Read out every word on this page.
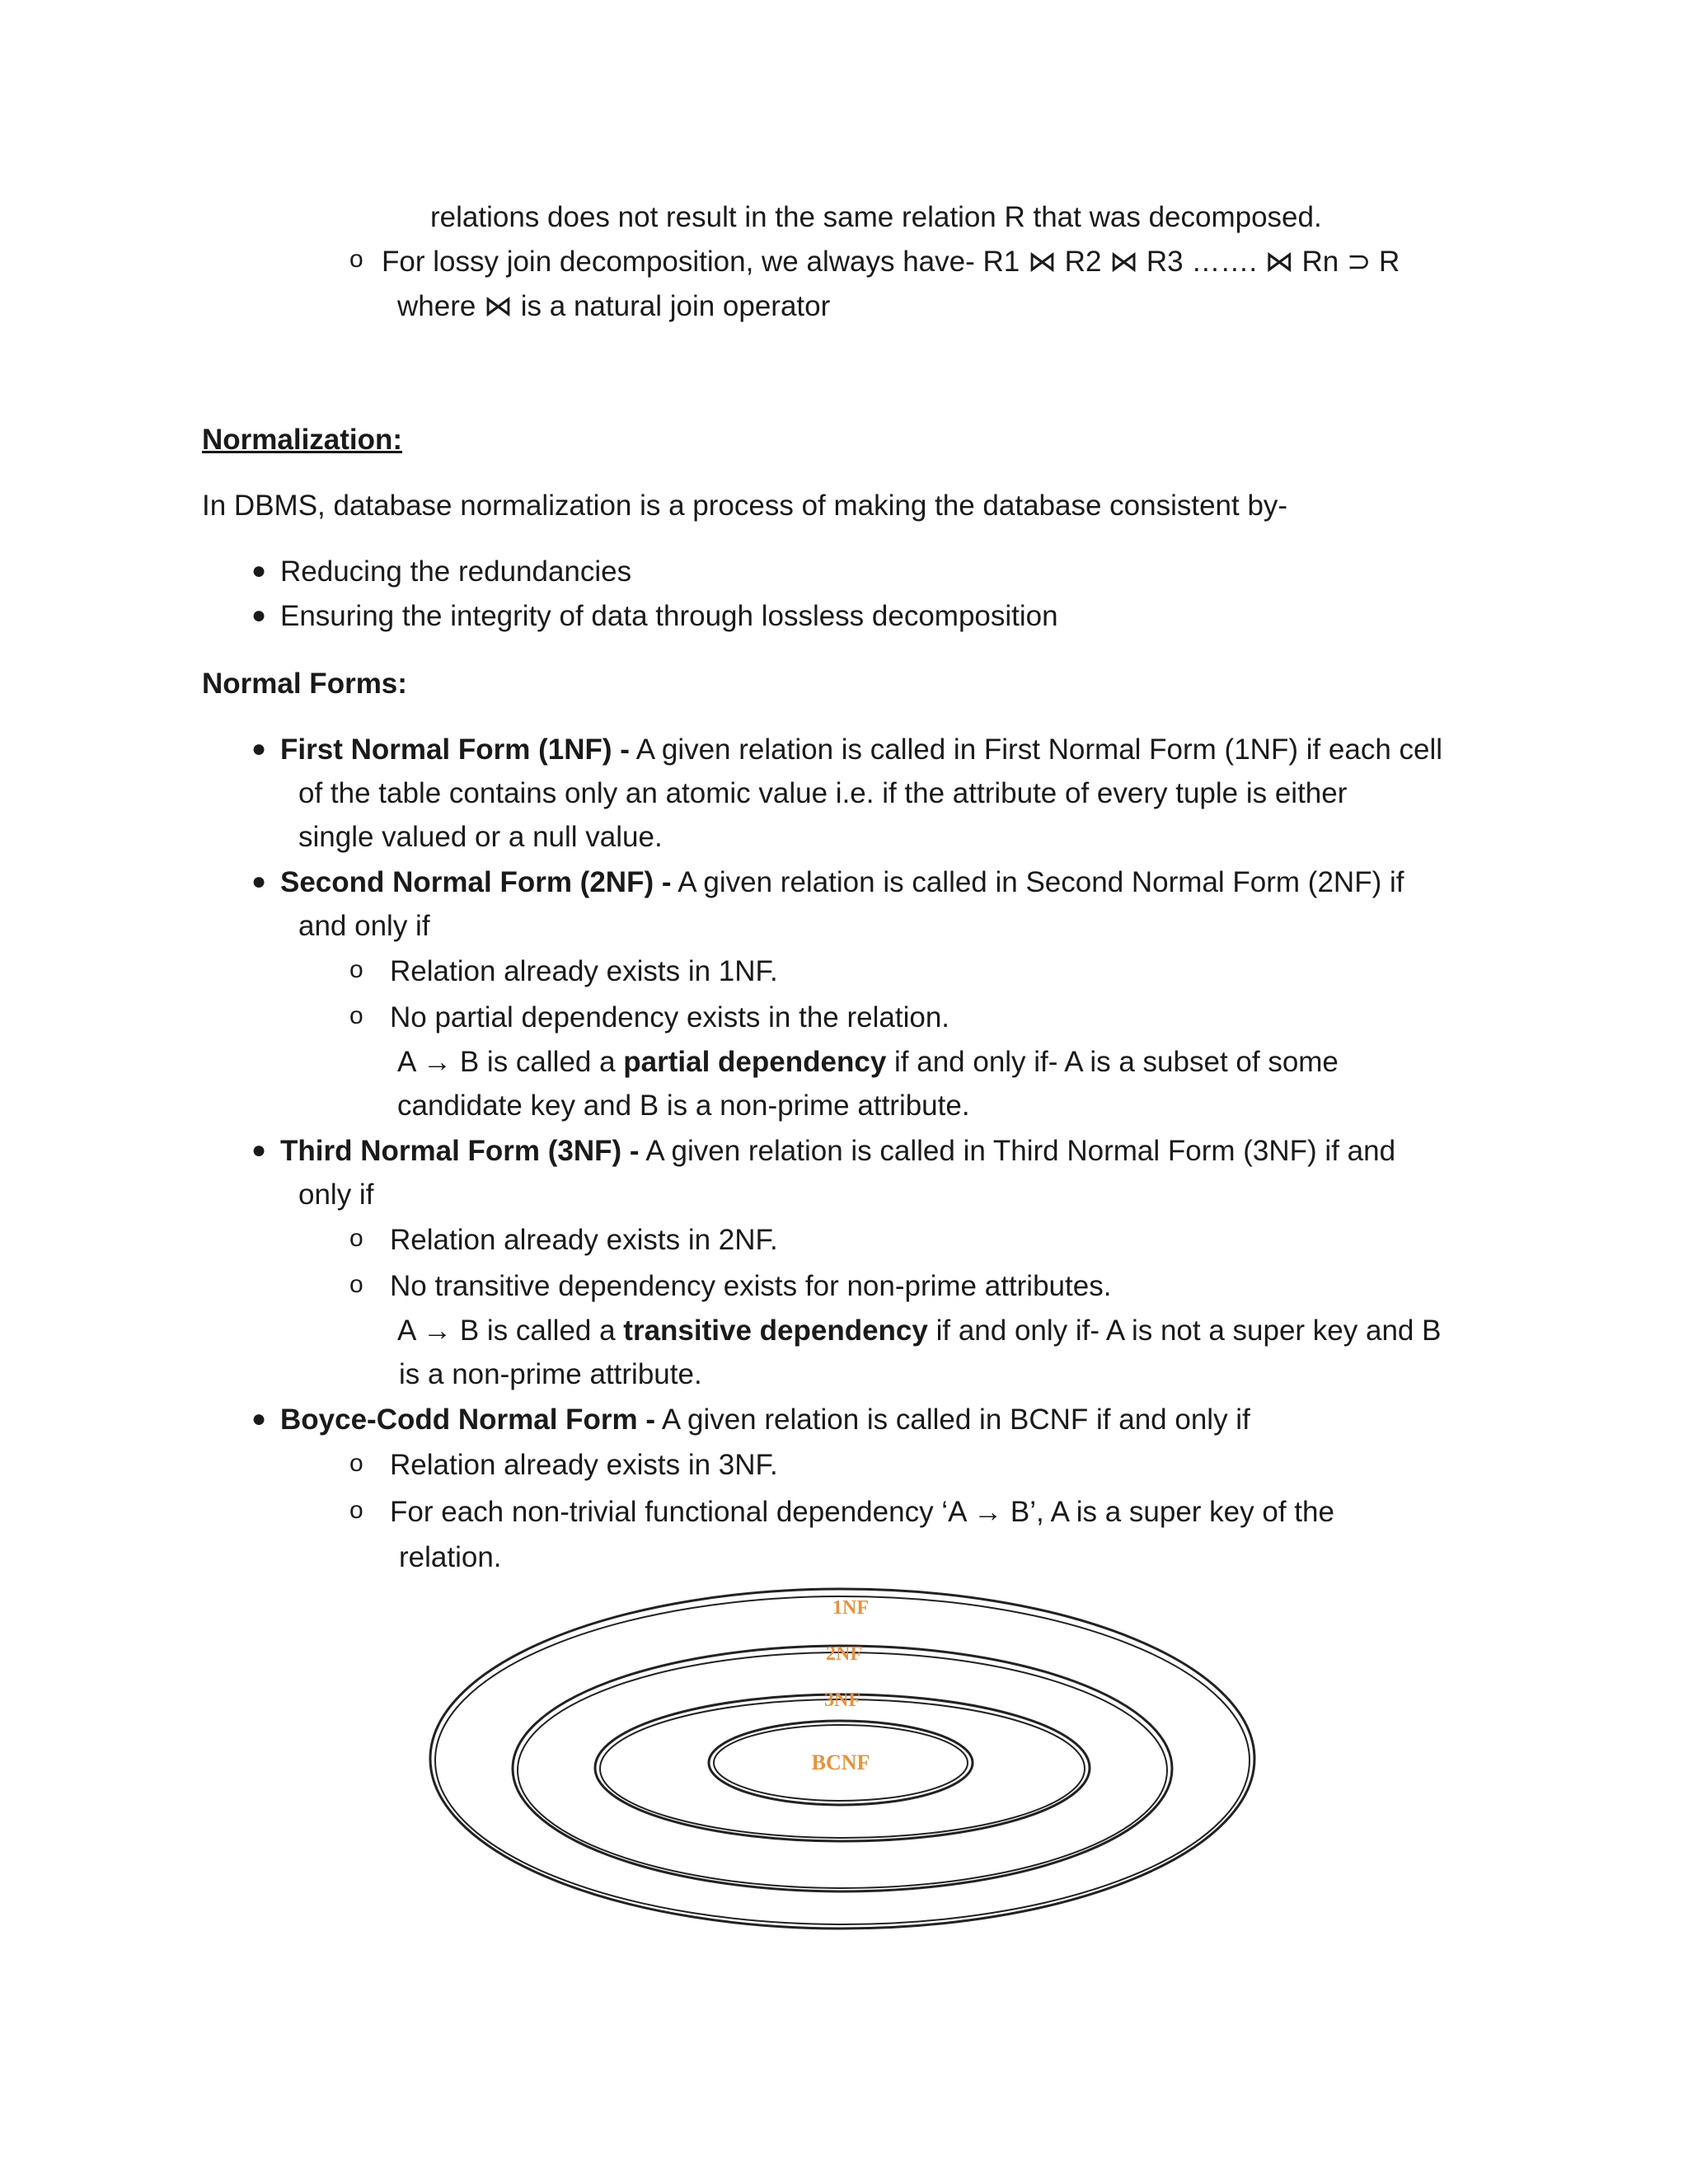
relations does not result in the same relation R that was decomposed.
o For lossy join decomposition, we always have- R1 ⋈ R2 ⋈ R3 ……. ⋈ Rn ⊃ R
where ⋈ is a natural join operator
Normalization:
In DBMS, database normalization is a process of making the database consistent by-
● Reducing the redundancies
● Ensuring the integrity of data through lossless decomposition
Normal Forms:
● First Normal Form (1NF) - A given relation is called in First Normal Form (1NF) if each cell
of the table contains only an atomic value i.e. if the attribute of every tuple is either
single valued or a null value.
● Second Normal Form (2NF) - A given relation is called in Second Normal Form (2NF) if
and only if
o Relation already exists in 1NF.
o No partial dependency exists in the relation.
A → B is called a partial dependency if and only if- A is a subset of some
candidate key and B is a non-prime attribute.
● Third Normal Form (3NF) - A given relation is called in Third Normal Form (3NF) if and
only if
o Relation already exists in 2NF.
o No transitive dependency exists for non-prime attributes.
A → B is called a transitive dependency if and only if- A is not a super key and B
is a non-prime attribute.
● Boyce-Codd Normal Form - A given relation is called in BCNF if and only if
o Relation already exists in 3NF.
o For each non-trivial functional dependency ‘A → B’, A is a super key of the
relation.
1NF
2NF
3NF
BCNF
